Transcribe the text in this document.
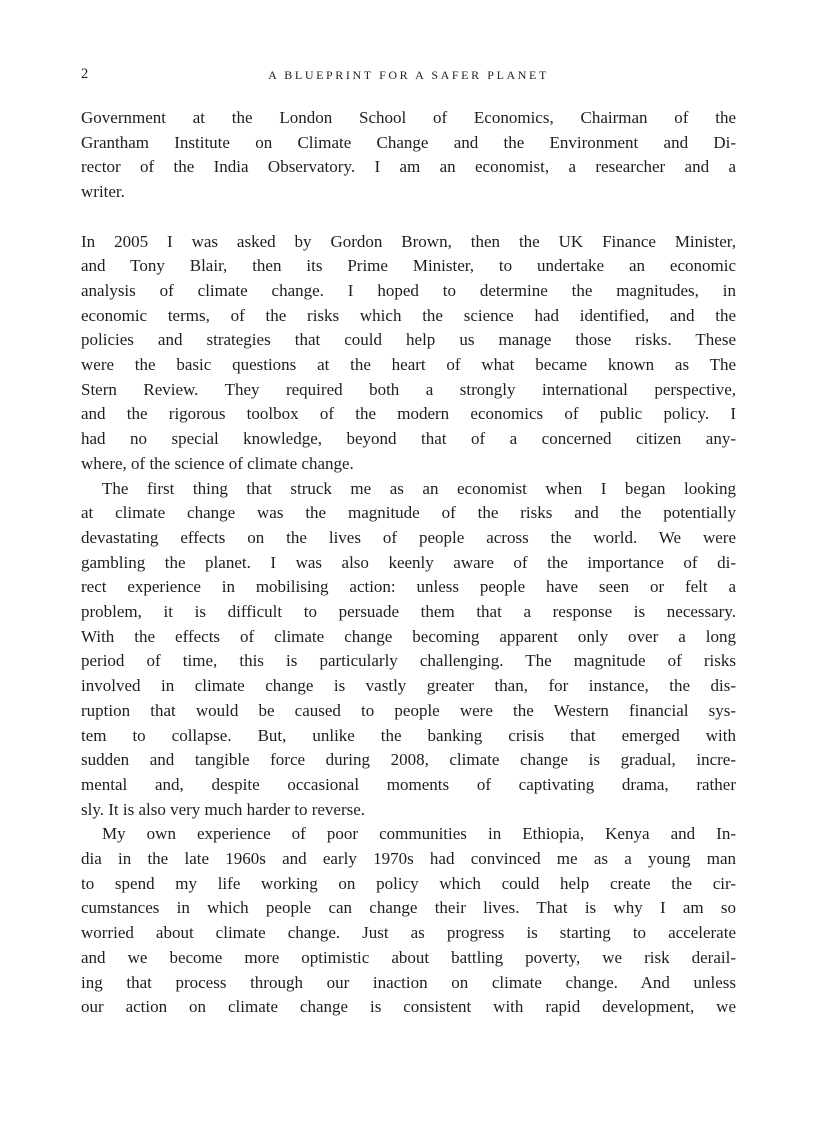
2	A BLUEPRINT FOR A SAFER PLANET
Government at the London School of Economics, Chairman of the
Grantham Institute on Climate Change and the Environment and Di-
rector of the India Observatory. I am an economist, a researcher and a
writer.
In 2005 I was asked by Gordon Brown, then the UK Finance Minister,
and Tony Blair, then its Prime Minister, to undertake an economic
analysis of climate change. I hoped to determine the magnitudes, in
economic terms, of the risks which the science had identified, and the
policies and strategies that could help us manage those risks. These
were the basic questions at the heart of what became known as The
Stern Review. They required both a strongly international perspective,
and the rigorous toolbox of the modern economics of public policy. I
had no special knowledge, beyond that of a concerned citizen any-
where, of the science of climate change.
The first thing that struck me as an economist when I began looking
at climate change was the magnitude of the risks and the potentially
devastating effects on the lives of people across the world. We were
gambling the planet. I was also keenly aware of the importance of di-
rect experience in mobilising action: unless people have seen or felt a
problem, it is difficult to persuade them that a response is necessary.
With the effects of climate change becoming apparent only over a long
period of time, this is particularly challenging. The magnitude of risks
involved in climate change is vastly greater than, for instance, the dis-
ruption that would be caused to people were the Western financial sys-
tem to collapse. But, unlike the banking crisis that emerged with
sudden and tangible force during 2008, climate change is gradual, incre-
mental and, despite occasional moments of captivating drama, rather
sly. It is also very much harder to reverse.
My own experience of poor communities in Ethiopia, Kenya and In-
dia in the late 1960s and early 1970s had convinced me as a young man
to spend my life working on policy which could help create the cir-
cumstances in which people can change their lives. That is why I am so
worried about climate change. Just as progress is starting to accelerate
and we become more optimistic about battling poverty, we risk derail-
ing that process through our inaction on climate change. And unless
our action on climate change is consistent with rapid development, we
